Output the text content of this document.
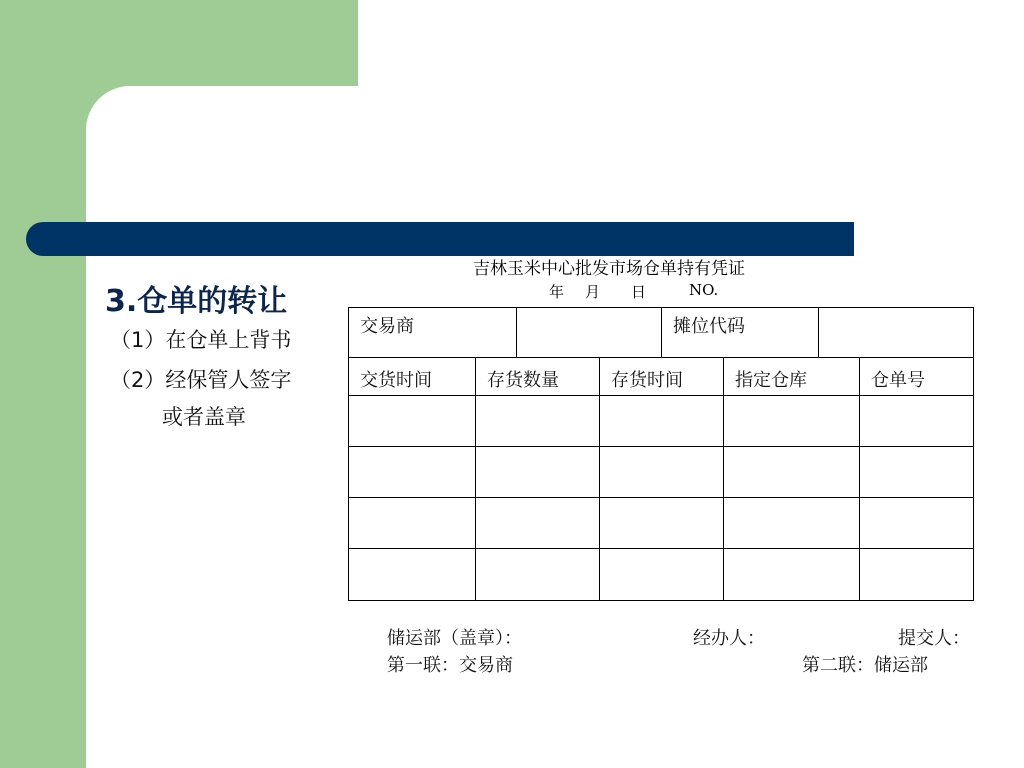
3.仓单的转让
（1）在仓单上背书
（2）经保管人签字
或者盖章
吉林玉米中心批发市场仓单持有凭证
年 月 日	NO.
交易商	摊位代码
交货时间	存货数量	存货时间	指定仓库	仓单号
储运部（盖章）：	经办人：	提交人：
第一联：交易商	第二联：储运部
